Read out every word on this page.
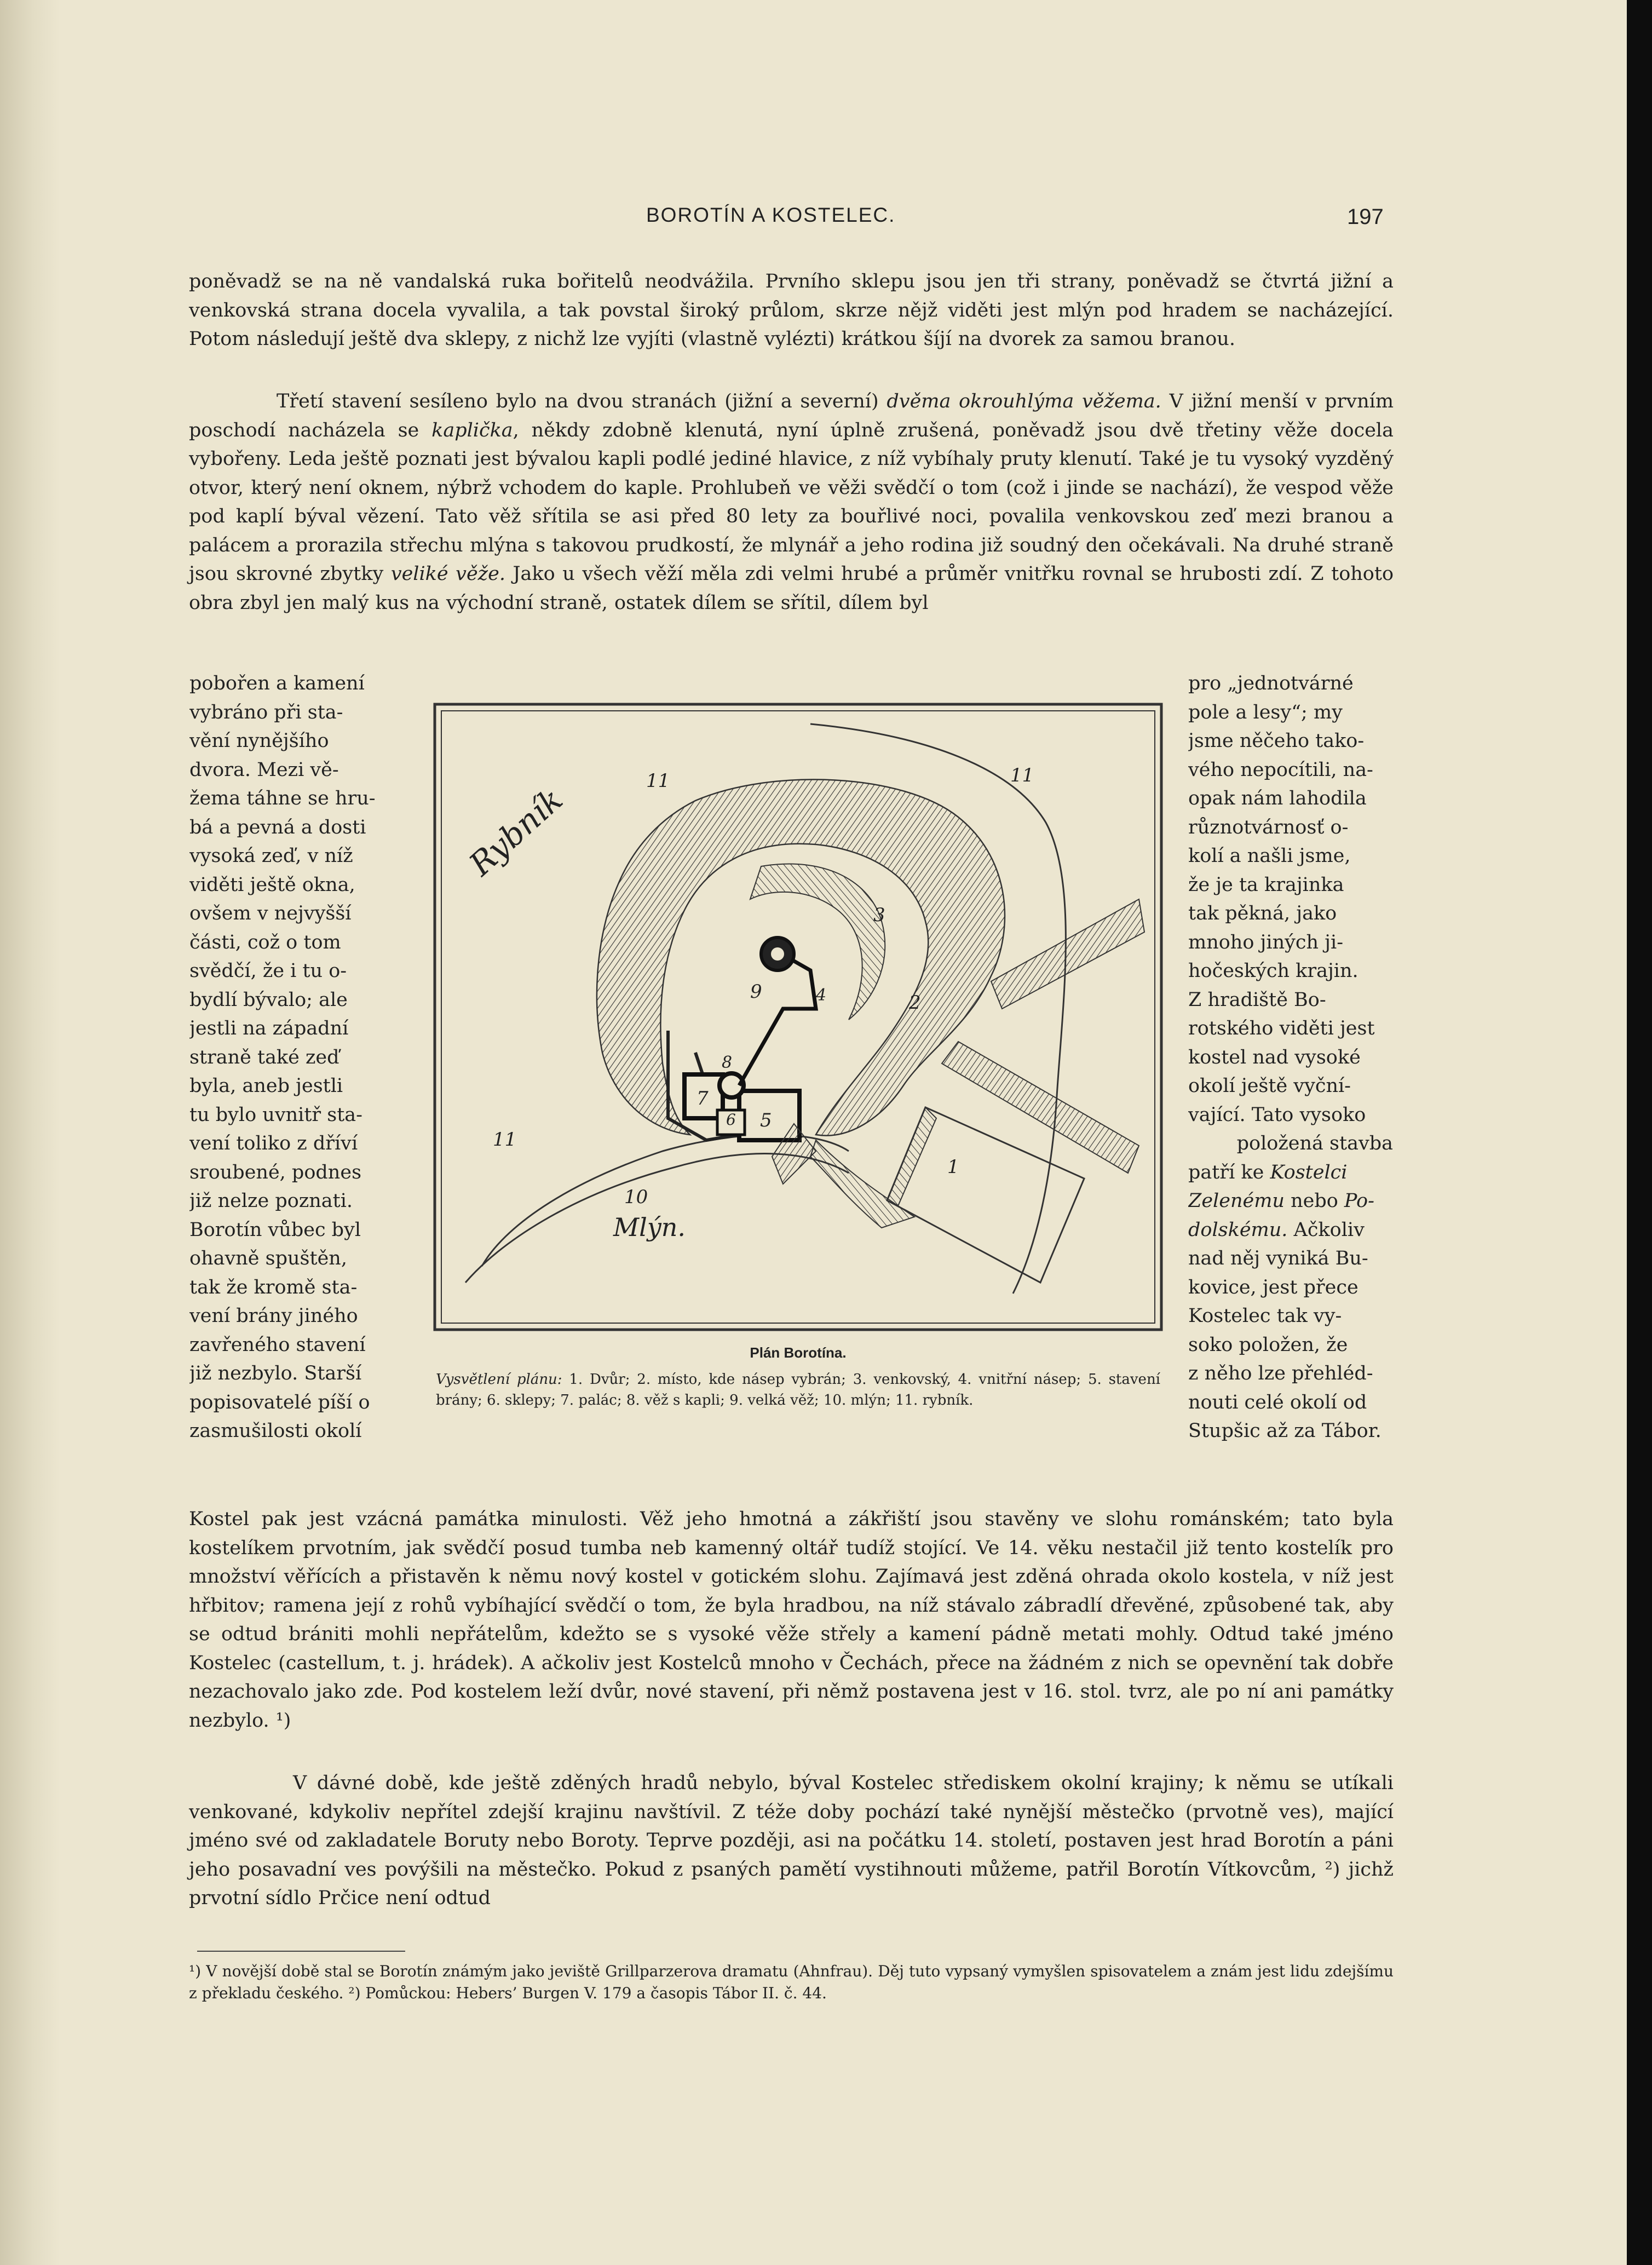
BOROTÍN A KOSTELEC.	197

poněvadž se na ně vandalská ruka bořitelů neodvážila. Prvního sklepu jsou jen tři strany, poněvadž se čtvrtá jižní a venkovská strana docela vyvalila, a tak povstal široký průlom, skrze nějž viděti jest mlýn pod hradem se nacházející. Potom následují ještě dva sklepy, z nichž lze vyjíti (vlastně vylézti) krátkou šíjí na dvorek za samou branou.

Třetí stavení sesíleno bylo na dvou stranách (jižní a severní) dvěma okrouhlýma věžema. V jižní menší v prvním poschodí nacházela se kaplička, někdy zdobně klenutá, nyní úplně zrušená, poněvadž jsou dvě třetiny věže docela vybořeny. Leda ještě poznati jest bývalou kapli podlé jediné hlavice, z níž vybíhaly pruty klenutí. Také je tu vysoký vyzděný otvor, který není oknem, nýbrž vchodem do kaple. Prohlubeň ve věži svědčí o tom (což i jinde se nachází), že vespod věže pod kaplí býval vězení. Tato věž sřítila se asi před 80 lety za bouřlivé noci, povalila venkovskou zeď mezi branou a palácem a prorazila střechu mlýna s takovou prudkostí, že mlynář a jeho rodina již soudný den očekávali. Na druhé straně jsou skrovné zbytky veliké věže. Jako u všech věží měla zdi velmi hrubé a průměr vnitřku rovnal se hrubosti zdí. Z tohoto obra zbyl jen malý kus na východní straně, ostatek dílem se sřítil, dílem byl

pobořen a kamení
vybráno při sta-
vění nynějšího
dvora. Mezi vě-
žema táhne se hru-
bá a pevná a dosti
vysoká zeď, v níž
viděti ještě okna,
ovšem v nejvyšší
části, což o tom
svědčí, že i tu o-
bydlí bývalo; ale
jestli na západní
straně také zeď
byla, aneb jestli
tu bylo uvnitř sta-
vení toliko z dříví
sroubené, podnes
již nelze poznati.
Borotín vůbec byl
ohavně spuštěn,
tak že kromě sta-
vení brány jiného
zavřeného stavení
již nezbylo. Starší
popisovatelé píší o
zasmušilosti okolí
pro „jednotvárné
pole a lesy“; my
jsme něčeho tako-
vého nepocítili, na-
opak nám lahodila
různotvárnosť o-
kolí a našli jsme,
že je ta krajinka
tak pěkná, jako
mnoho jiných ji-
hočeských krajin.
Z hradiště Bo-
rotského viděti jest
kostel nad vysoké
okolí ještě vyční-
vající. Tato vysoko
položená stavba
patří ke Kostelci
Zelenému nebo Po-
dolskému. Ačkoliv
nad něj vyniká Bu-
kovice, jest přece
Kostelec tak vy-
soko položen, že
z něho lze přehléd-
nouti celé okolí od
Stupšic až za Tábor.
Rybník
Mlýn.
1
2
3
4
5
6
7
8
9
10
11	11
11
Plán Borotína.
Vysvětlení plánu: 1. Dvůr; 2. místo, kde násep vybrán; 3. venkovský, 4. vnitřní násep; 5. stavení brány; 6. sklepy; 7. palác; 8. věž s kapli; 9. velká věž; 10. mlýn; 11. rybník.

Kostel pak jest vzácná památka minulosti. Věž jeho hmotná a zákřiští jsou stavěny ve slohu románském; tato byla kostelíkem prvotním, jak svědčí posud tumba neb kamenný oltář tudíž stojící. Ve 14. věku nestačil již tento kostelík pro množství věřících a přistavěn k němu nový kostel v gotickém slohu. Zajímavá jest zděná ohrada okolo kostela, v níž jest hřbitov; ramena její z rohů vybíhající svědčí o tom, že byla hradbou, na níž stávalo zábradlí dřevěné, způsobené tak, aby se odtud brániti mohli nepřátelům, kdežto se s vysoké věže střely a kamení pádně metati mohly. Odtud také jméno Kostelec (castellum, t. j. hrádek). A ačkoliv jest Kostelců mnoho v Čechách, přece na žádném z nich se opevnění tak dobře nezachovalo jako zde. Pod kostelem leží dvůr, nové stavení, při němž postavena jest v 16. stol. tvrz, ale po ní ani památky nezbylo. ¹)

V dávné době, kde ještě zděných hradů nebylo, býval Kostelec střediskem okolní krajiny; k němu se utíkali venkované, kdykoliv nepřítel zdejší krajinu navštívil. Z téže doby pochází také nynější městečko (prvotně ves), mající jméno své od zakladatele Boruty nebo Boroty. Teprve později, asi na počátku 14. století, postaven jest hrad Borotín a páni jeho posavadní ves povýšili na městečko. Pokud z psaných pamětí vystihnouti můžeme, patřil Borotín Vítkovcům, ²) jichž prvotní sídlo Prčice není odtud

¹) V novější době stal se Borotín známým jako jeviště Grillparzerova dramatu (Ahnfrau). Děj tuto vypsaný vymyšlen spisovatelem a znám jest lidu zdejšímu z překladu českého. ²) Pomůckou: Hebers’ Burgen V. 179 a časopis Tábor II. č. 44.
